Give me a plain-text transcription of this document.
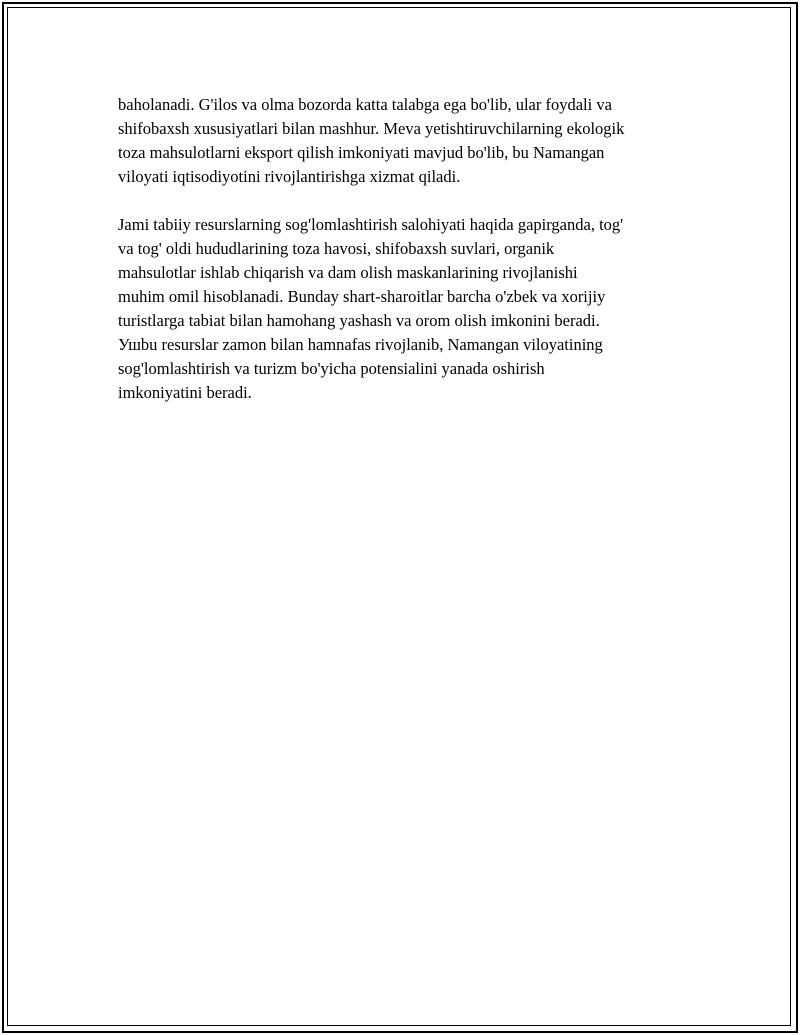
baholanadi. G'ilos va olma bozorda katta talabga ega bo'lib, ular foydali va
shifobaxsh xususiyatlari bilan mashhur. Meva yetishtiruvchilarning ekologik
toza mahsulotlarni eksport qilish imkoniyati mavjud bo'lib, bu Namangan
viloyati iqtisodiyotini rivojlantirishga xizmat qiladi.

Jami tabiiy resurslarning sog'lomlashtirish salohiyati haqida gapirganda, tog'
va tog' oldi hududlarining toza havosi, shifobaxsh suvlari, organik
mahsulotlar ishlab chiqarish va dam olish maskanlarining rivojlanishi
muhim omil hisoblanadi. Bunday shart-sharoitlar barcha o'zbek va xorijiy
turistlarga tabiat bilan hamohang yashash va orom olish imkonini beradi.
Ушbu resurslar zamon bilan hamnafas rivojlanib, Namangan viloyatining
sog'lomlashtirish va turizm bo'yicha potensialini yanada oshirish
imkoniyatini beradi.
